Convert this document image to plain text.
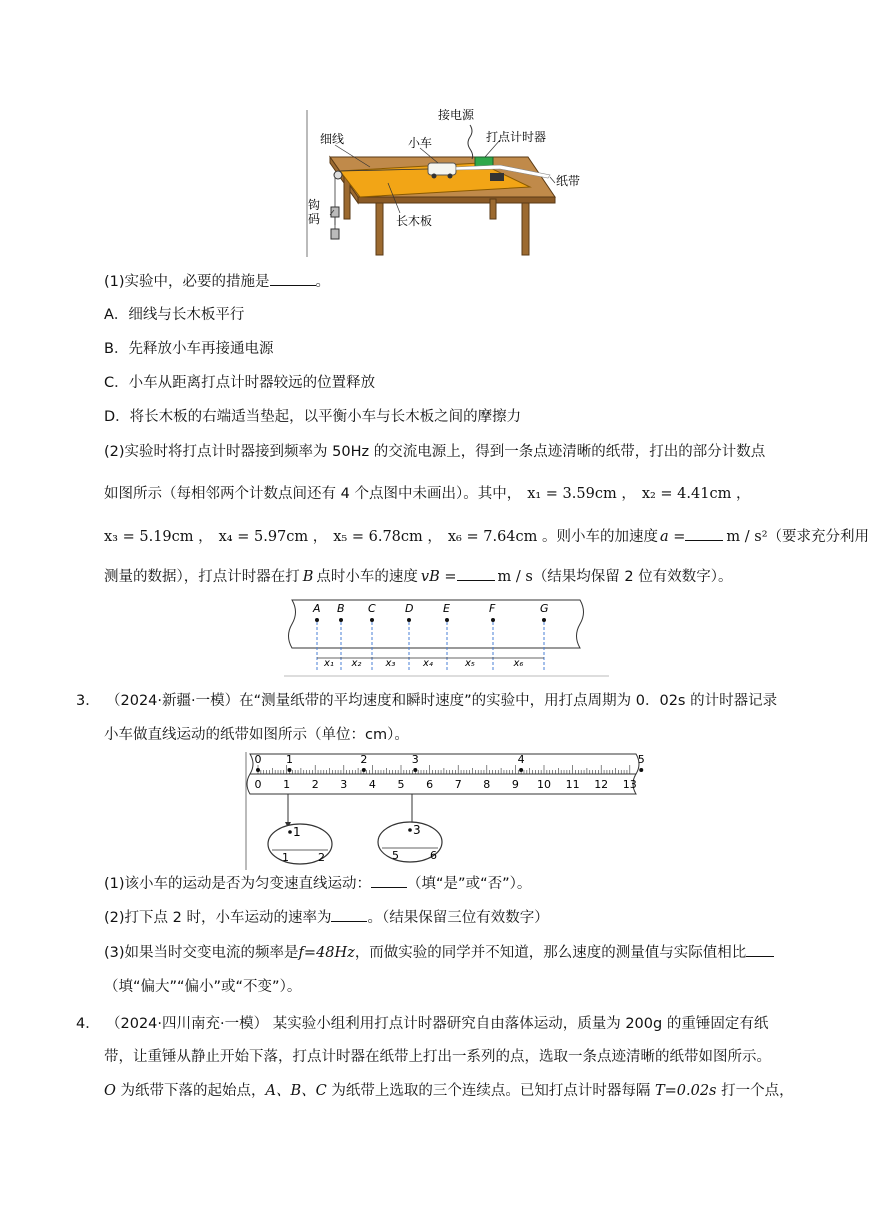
接电源
打点计时器
细线	小车
纸带
钩
码	长木板
(1)实验中，必要的措施是	。
A．细线与长木板平行
B．先释放小车再接通电源
C．小车从距离打点计时器较远的位置释放
D．将长木板的右端适当垫起，以平衡小车与长木板之间的摩擦力
(2)实验时将打点计时器接到频率为 50Hz 的交流电源上，得到一条点迹清晰的纸带，打出的部分计数点
如图所示（每相邻两个计数点间还有 4 个点图中未画出）。其中， x₁ = 3.59cm ， x₂ = 4.41cm ，
x₃ = 5.19cm ， x₄ = 5.97cm ， x₅ = 6.78cm ， x₆ = 7.64cm 。则小车的加速度 a =	m / s²（要求充分利用
测量的数据），打点计时器在打 B 点时小车的速度 vB =	m / s（结果均保留 2 位有效数字）。
A B C	D	E	F	G
x₁ x₂ x₃	x₄	x₅	x₆
3． （2024·新疆·一模）在“测量纸带的平均速度和瞬时速度”的实验中，用打点周期为 0．02s 的计时器记录
小车做直线运动的纸带如图所示（单位：cm）。
0 1 2 3 4 5 6 7 8 9 10 11 12 13
0 1	2	3	4	5
1
1	2
3
5	6
(1)该小车的运动是否为匀变速直线运动： （填“是”或“否”）。
(2)打下点 2 时，小车运动的速率为 。（结果保留三位有效数字）
(3)如果当时交变电流的频率是f=48Hz，而做实验的同学并不知道，那么速度的测量值与实际值相比
（填“偏大”“偏小”或“不变”）。
4． （2024·四川南充·一模） 某实验小组利用打点计时器研究自由落体运动，质量为 200g 的重锤固定有纸
带，让重锤从静止开始下落，打点计时器在纸带上打出一系列的点，选取一条点迹清晰的纸带如图所示。
O 为纸带下落的起始点，A、B、C 为纸带上选取的三个连续点。已知打点计时器每隔 T=0.02s 打一个点，
